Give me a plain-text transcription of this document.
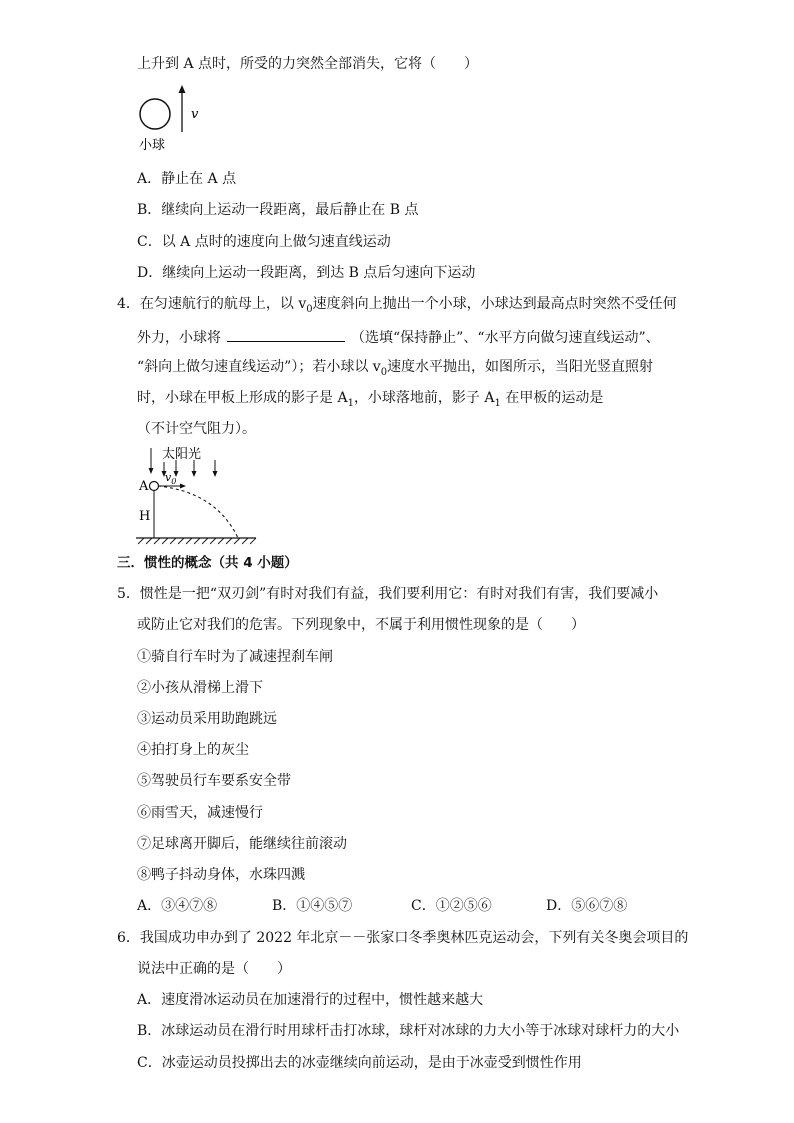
上升到 A 点时，所受的力突然全部消失，它将（　　）
v
小球
A．静止在 A 点
B．继续向上运动一段距离，最后静止在 B 点
C．以 A 点时的速度向上做匀速直线运动
D．继续向上运动一段距离，到达 B 点后匀速向下运动
4．在匀速航行的航母上，以 $v_0$速度斜向上抛出一个小球，小球达到最高点时突然不受任何
外力，小球将	（选填“保持静止”、“水平方向做匀速直线运动”、
“斜向上做匀速直线运动”）；若小球以 $v_0$速度水平抛出，如图所示，当阳光竖直照射
时，小球在甲板上形成的影子是 $A_1$，小球落地前，影子 $A_1$ 在甲板的运动是
（不计空气阻力）。
太阳光
A
$v_0$
H
三．惯性的概念（共 4 小题）
5．惯性是一把“双刃剑”有时对我们有益，我们要利用它：有时对我们有害，我们要减小
或防止它对我们的危害。下列现象中，不属于利用惯性现象的是（　　）
①骑自行车时为了减速捏刹车闸
②小孩从滑梯上滑下
③运动员采用助跑跳远
④拍打身上的灰尘
⑤驾驶员行车要系安全带
⑥雨雪天，减速慢行
⑦足球离开脚后，能继续往前滚动
⑧鸭子抖动身体，水珠四溅
A．③④⑦⑧	B．①④⑤⑦	C．①②⑤⑥	D．⑤⑥⑦⑧
6．我国成功申办到了 2022 年北京－－张家口冬季奥林匹克运动会，下列有关冬奥会项目的
说法中正确的是（　　）
A．速度滑冰运动员在加速滑行的过程中，惯性越来越大
B．冰球运动员在滑行时用球杆击打冰球，球杆对冰球的力大小等于冰球对球杆力的大小
C．冰壶运动员投掷出去的冰壶继续向前运动，是由于冰壶受到惯性作用
